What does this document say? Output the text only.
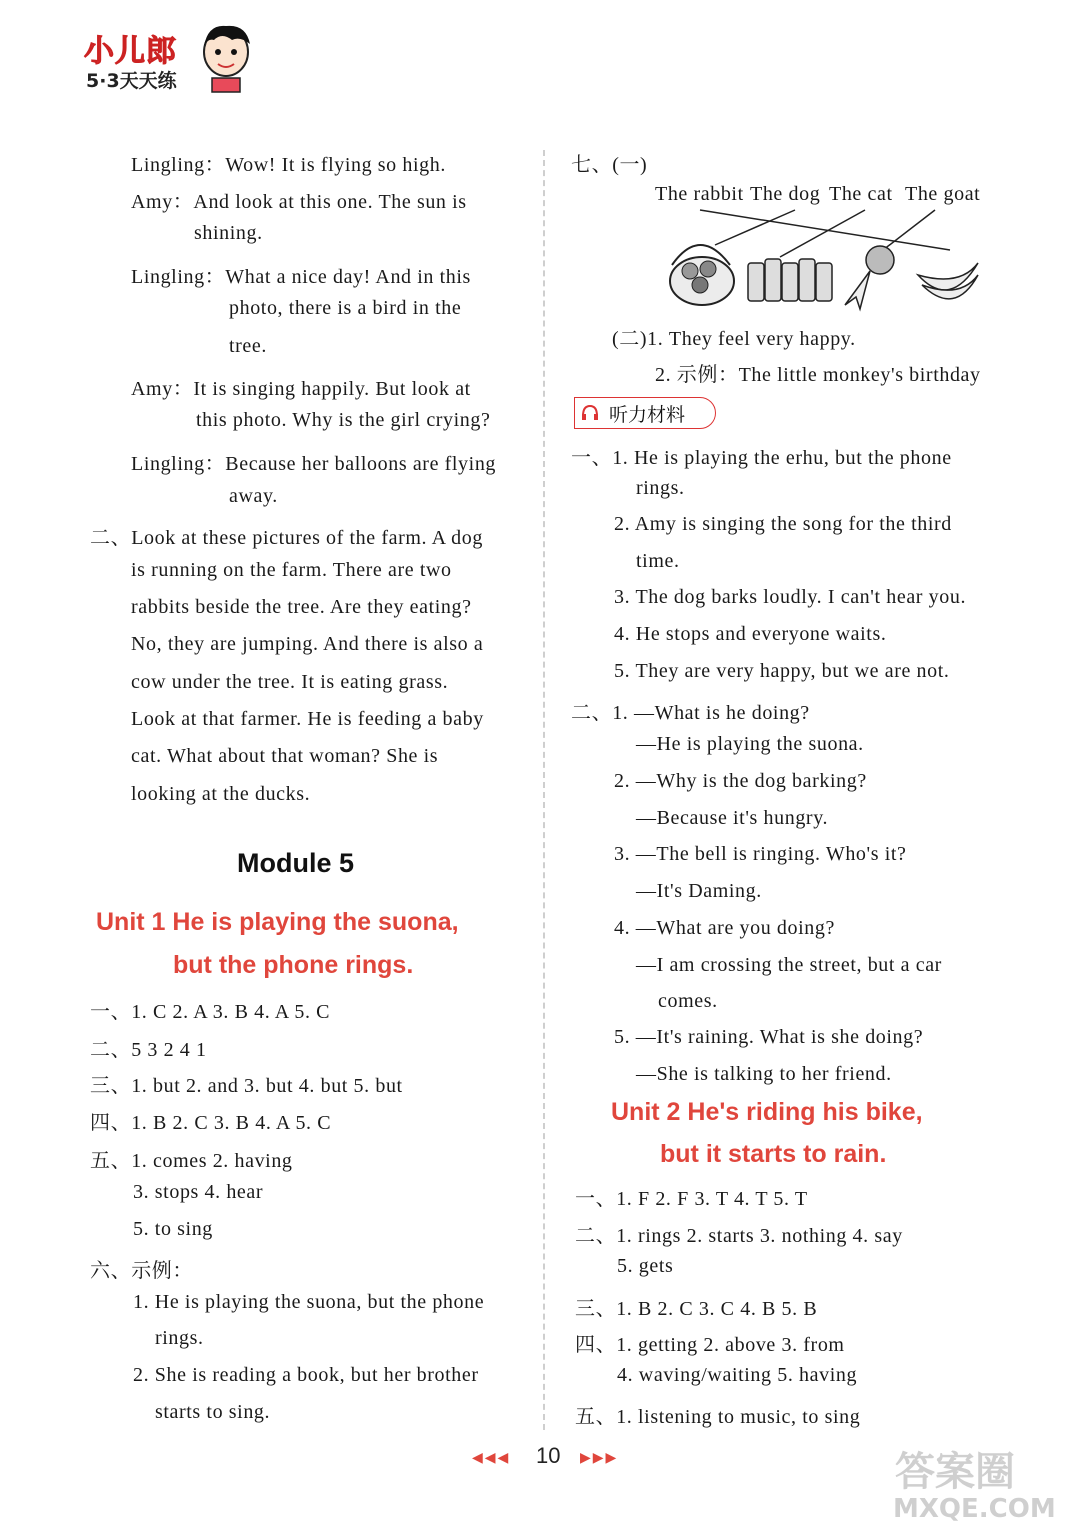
小儿郎
5·3天天练
Lingling：Wow! It is flying so high.
Amy：And look at this one. The sun is
shining.
Lingling：What a nice day! And in this
photo, there is a bird in the
tree.
Amy：It is singing happily. But look at
this photo. Why is the girl crying?
Lingling：Because her balloons are flying
away.
二、Look at these pictures of the farm. A dog
is running on the farm. There are two
rabbits beside the tree. Are they eating?
No, they are jumping. And there is also a
cow under the tree. It is eating grass.
Look at that farmer. He is feeding a baby
cat. What about that woman? She is
looking at the ducks.
Module 5
Unit 1 He is playing the suona,
but the phone rings.
一、1. C 2. A 3. B 4. A 5. C
二、5 3 2 4 1
三、1. but 2. and 3. but 4. but 5. but
四、1. B 2. C 3. B 4. A 5. C
五、1. comes 2. having
3. stops 4. hear
5. to sing
六、示例：
1. He is playing the suona, but the phone
rings.
2. She is reading a book, but her brother
starts to sing.
七、(一)
The rabbit The dog The cat The goat
(二)1. They feel very happy.
2. 示例：The little monkey's birthday
听力材料
一、1. He is playing the erhu, but the phone
rings.
2. Amy is singing the song for the third
time.
3. The dog barks loudly. I can't hear you.
4. He stops and everyone waits.
5. They are very happy, but we are not.
二、1. —What is he doing?
—He is playing the suona.
2. —Why is the dog barking?
—Because it's hungry.
3. —The bell is ringing. Who's it?
—It's Daming.
4. —What are you doing?
—I am crossing the street, but a car
comes.
5. —It's raining. What is she doing?
—She is talking to her friend.
Unit 2 He's riding his bike,
but it starts to rain.
一、1. F 2. F 3. T 4. T 5. T
二、1. rings 2. starts 3. nothing 4. say
5. gets
三、1. B 2. C 3. C 4. B 5. B
四、1. getting 2. above 3. from
4. waving/waiting 5. having
五、1. listening to music, to sing
◀◀◀ 10 ▶▶▶	答案圈
MXQE.COM
